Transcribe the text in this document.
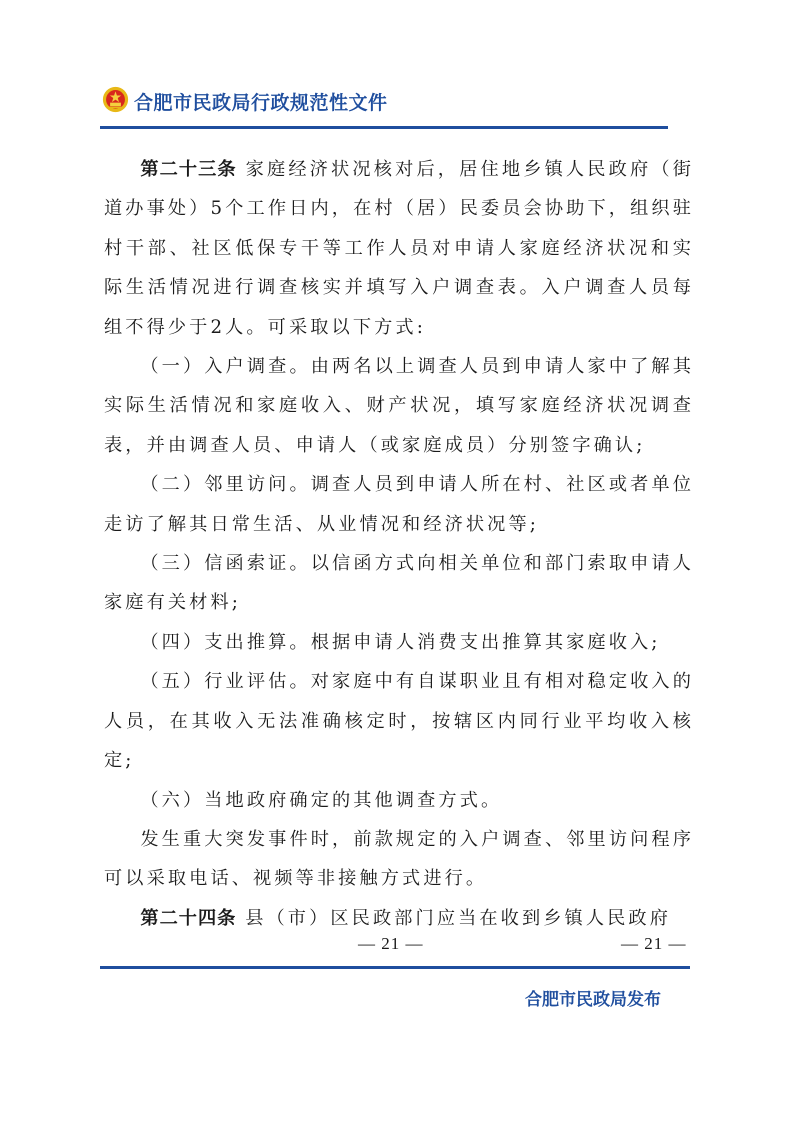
合肥市民政局行政规范性文件

第二十三条 家庭经济状况核对后，居住地乡镇人民政府（街道办事处）5个工作日内，在村（居）民委员会协助下，组织驻村干部、社区低保专干等工作人员对申请人家庭经济状况和实际生活情况进行调查核实并填写入户调查表。入户调查人员每组不得少于2人。可采取以下方式:

（一）入户调查。由两名以上调查人员到申请人家中了解其实际生活情况和家庭收入、财产状况，填写家庭经济状况调查表，并由调查人员、申请人（或家庭成员）分别签字确认;

（二）邻里访问。调查人员到申请人所在村、社区或者单位走访了解其日常生活、从业情况和经济状况等;

（三）信函索证。以信函方式向相关单位和部门索取申请人家庭有关材料;

（四）支出推算。根据申请人消费支出推算其家庭收入;

（五）行业评估。对家庭中有自谋职业且有相对稳定收入的人员，在其收入无法准确核定时，按辖区内同行业平均收入核定;

（六）当地政府确定的其他调查方式。

发生重大突发事件时，前款规定的入户调查、邻里访问程序可以采取电话、视频等非接触方式进行。

第二十四条 县（市）区民政部门应当在收到乡镇人民政府

— 21 —	— 21 —
合肥市民政局发布
